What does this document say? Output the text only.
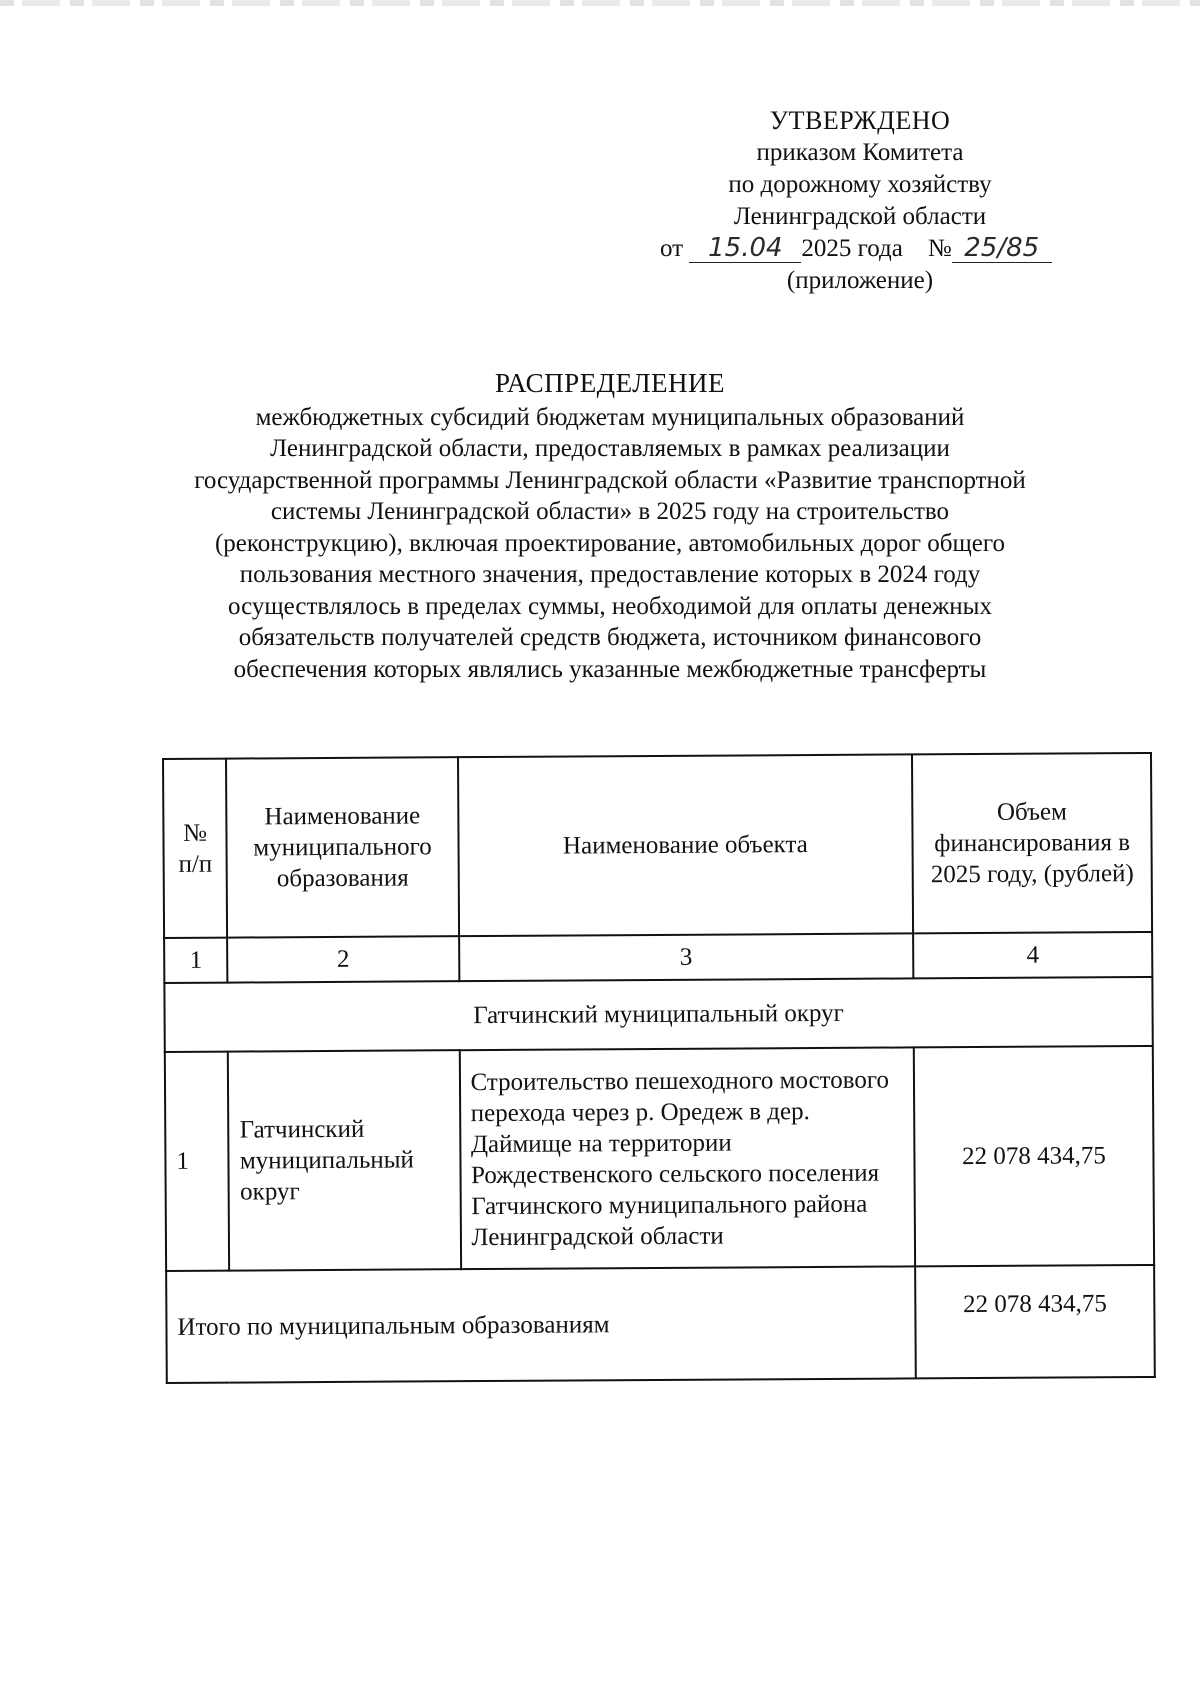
УТВЕРЖДЕНО
приказом Комитета
по дорожному хозяйству
Ленинградской области
от 15.04 2025 года № 25/85
(приложение)
РАСПРЕДЕЛЕНИЕ
межбюджетных субсидий бюджетам муниципальных образований
Ленинградской области, предоставляемых в рамках реализации
государственной программы Ленинградской области «Развитие транспортной
системы Ленинградской области» в 2025 году на строительство
(реконструкцию), включая проектирование, автомобильных дорог общего
пользования местного значения, предоставление которых в 2024 году
осуществлялось в пределах суммы, необходимой для оплаты денежных
обязательств получателей средств бюджета, источником финансового
обеспечения которых являлись указанные межбюджетные трансферты
№ п/п	Наименование муниципального образования	Наименование объекта	Объем финансирования в 2025 году, (рублей)
1	2	3	4
Гатчинский муниципальный округ			
1	Гатчинский муниципальный округ	Строительство пешеходного мостового перехода через р. Оредеж в дер. Даймище на территории Рождественского сельского поселения Гатчинского муниципального района Ленинградской области	22 078 434,75
Итого по муниципальным образованиям			22 078 434,75
